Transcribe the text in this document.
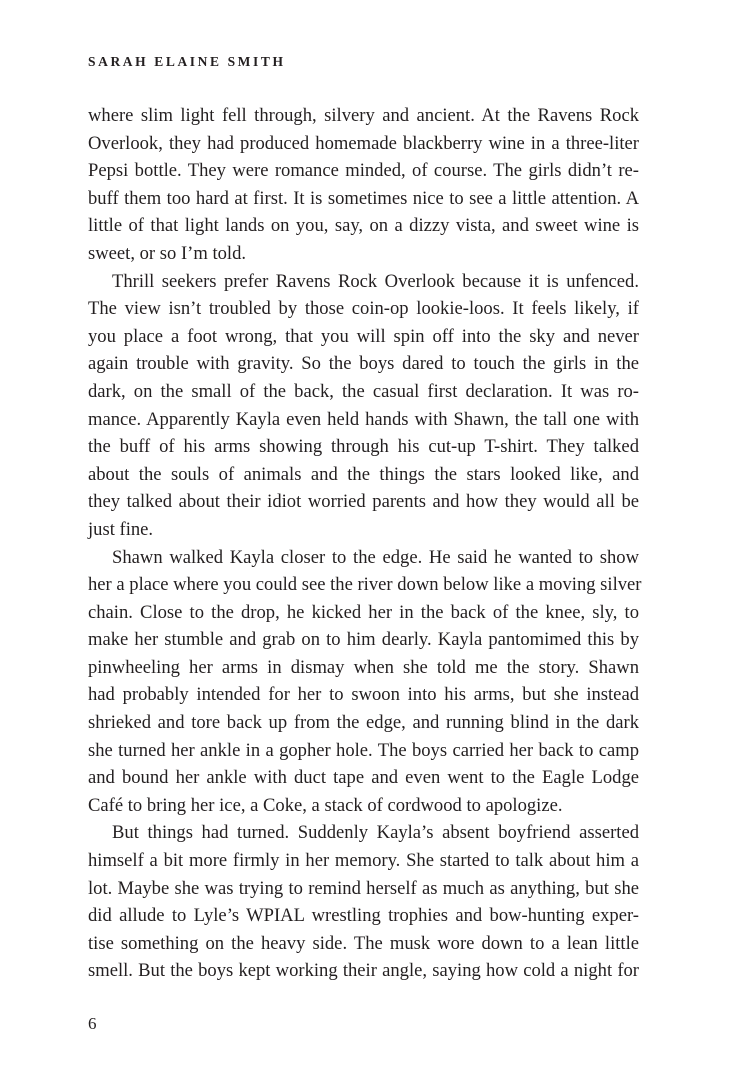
SARAH ELAINE SMITH
where slim light fell through, silvery and ancient. At the Ravens Rock
Overlook, they had produced homemade blackberry wine in a three-liter
Pepsi bottle. They were romance minded, of course. The girls didn’t re-
buff them too hard at first. It is sometimes nice to see a little attention. A
little of that light lands on you, say, on a dizzy vista, and sweet wine is
sweet, or so I’m told.
Thrill seekers prefer Ravens Rock Overlook because it is unfenced.
The view isn’t troubled by those coin-op lookie-loos. It feels likely, if
you place a foot wrong, that you will spin off into the sky and never
again trouble with gravity. So the boys dared to touch the girls in the
dark, on the small of the back, the casual first declaration. It was ro-
mance. Apparently Kayla even held hands with Shawn, the tall one with
the buff of his arms showing through his cut-up T-shirt. They talked
about the souls of animals and the things the stars looked like, and
they talked about their idiot worried parents and how they would all be
just fine.
Shawn walked Kayla closer to the edge. He said he wanted to show
her a place where you could see the river down below like a moving silver
chain. Close to the drop, he kicked her in the back of the knee, sly, to
make her stumble and grab on to him dearly. Kayla pantomimed this by
pinwheeling her arms in dismay when she told me the story. Shawn
had probably intended for her to swoon into his arms, but she instead
shrieked and tore back up from the edge, and running blind in the dark
she turned her ankle in a gopher hole. The boys carried her back to camp
and bound her ankle with duct tape and even went to the Eagle Lodge
Café to bring her ice, a Coke, a stack of cordwood to apologize.
But things had turned. Suddenly Kayla’s absent boyfriend asserted
himself a bit more firmly in her memory. She started to talk about him a
lot. Maybe she was trying to remind herself as much as anything, but she
did allude to Lyle’s WPIAL wrestling trophies and bow-hunting exper-
tise something on the heavy side. The musk wore down to a lean little
smell. But the boys kept working their angle, saying how cold a night for
6
